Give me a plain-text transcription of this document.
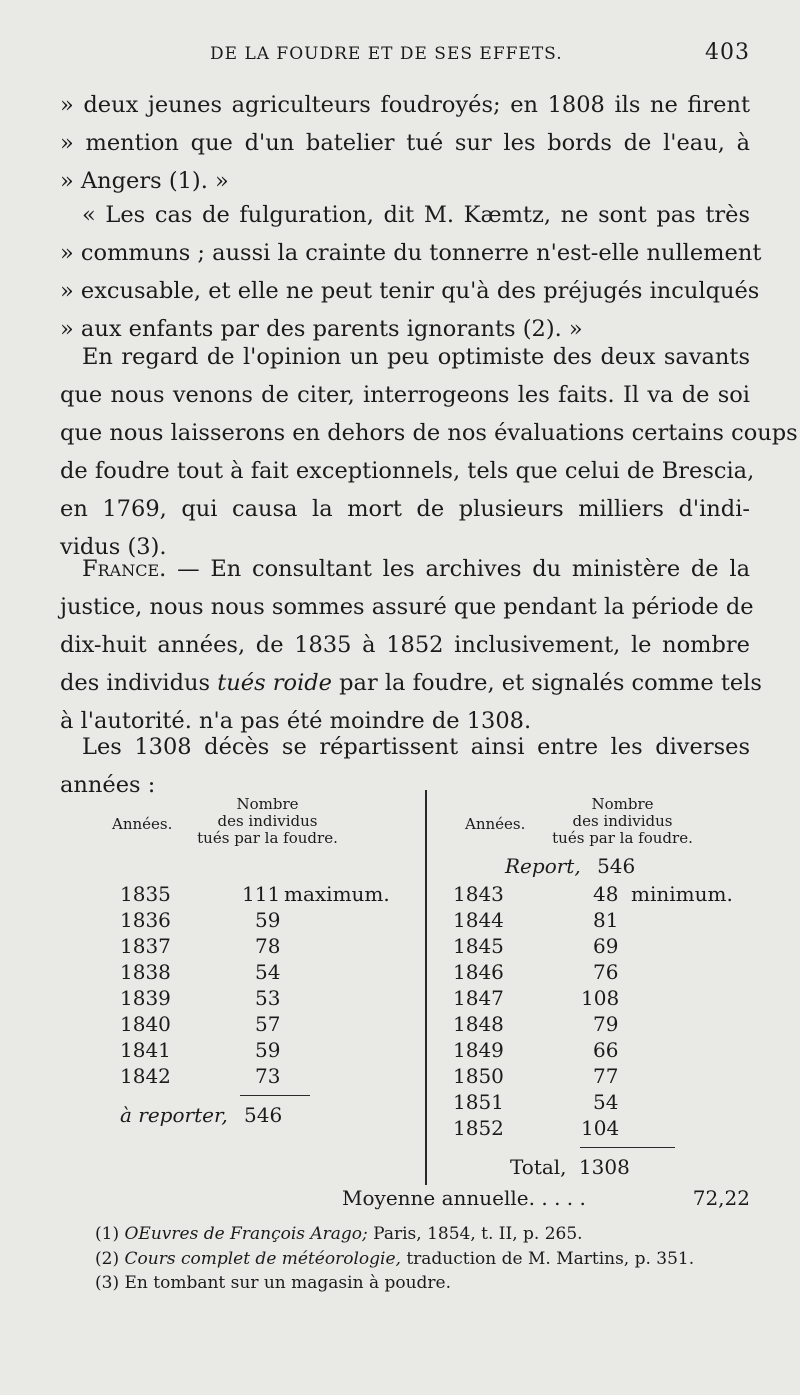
DE LA FOUDRE ET DE SES EFFETS.	403
» deux jeunes agriculteurs foudroyés; en 1808 ils ne firent
» mention que d'un batelier tué sur les bords de l'eau, à
» Angers (1). »
« Les cas de fulguration, dit M. Kæmtz, ne sont pas très
» communs ; aussi la crainte du tonnerre n'est-elle nullement
» excusable, et elle ne peut tenir qu'à des préjugés inculqués
» aux enfants par des parents ignorants (2). »
En regard de l'opinion un peu optimiste des deux savants
que nous venons de citer, interrogeons les faits. Il va de soi
que nous laisserons en dehors de nos évaluations certains coups
de foudre tout à fait exceptionnels, tels que celui de Brescia,
en 1769, qui causa la mort de plusieurs milliers d'indi-
vidus (3).
France. — En consultant les archives du ministère de la
justice, nous nous sommes assuré que pendant la période de
dix-huit années, de 1835 à 1852 inclusivement, le nombre
des individus tués roide par la foudre, et signalés comme tels
à l'autorité. n'a pas été moindre de 1308.
Les 1308 décès se répartissent ainsi entre les diverses
années :
Années.
Nombre
des individus
tués par la foudre.
Années.
Nombre
des individus
tués par la foudre.
Report, 546
1835	111 maximum.
1836	59
1837	78
1838	54
1839	53
1840	57
1841	59
1842	73
à reporter, 546
1843	48 minimum.
1844	81
1845	69
1846	76
1847	108
1848	79
1849	66
1850	77
1851	54
1852	104
Total, 1308
Moyenne annuelle. . . . .	72,22
(1) OEuvres de François Arago; Paris, 1854, t. II, p. 265.
(2) Cours complet de météorologie, traduction de M. Martins, p. 351.
(3) En tombant sur un magasin à poudre.
